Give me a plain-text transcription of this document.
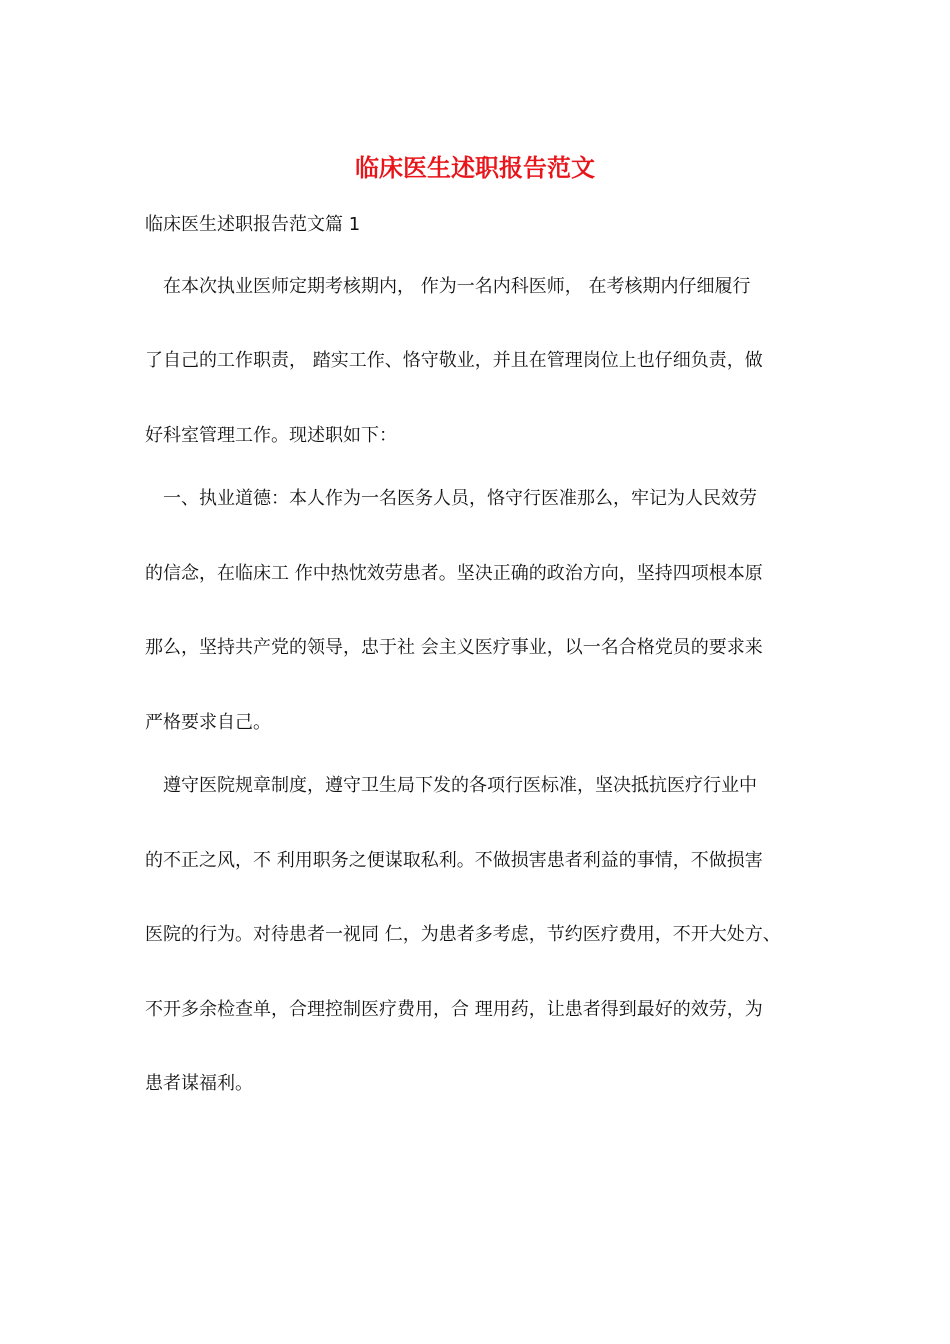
临床医生述职报告范文

临床医生述职报告范文篇 1

在本次执业医师定期考核期内， 作为一名内科医师， 在考核期内仔细履行

了自己的工作职责， 踏实工作、恪守敬业，并且在管理岗位上也仔细负责，做

好科室管理工作。现述职如下：

一、执业道德：本人作为一名医务人员，恪守行医准那么，牢记为人民效劳

的信念，在临床工 作中热忱效劳患者。坚决正确的政治方向，坚持四项根本原

那么，坚持共产党的领导，忠于社 会主义医疗事业，以一名合格党员的要求来

严格要求自己。

遵守医院规章制度，遵守卫生局下发的各项行医标准，坚决抵抗医疗行业中

的不正之风，不 利用职务之便谋取私利。不做损害患者利益的事情，不做损害

医院的行为。对待患者一视同 仁，为患者多考虑，节约医疗费用，不开大处方、

不开多余检查单，合理控制医疗费用，合 理用药，让患者得到最好的效劳，为

患者谋福利。
